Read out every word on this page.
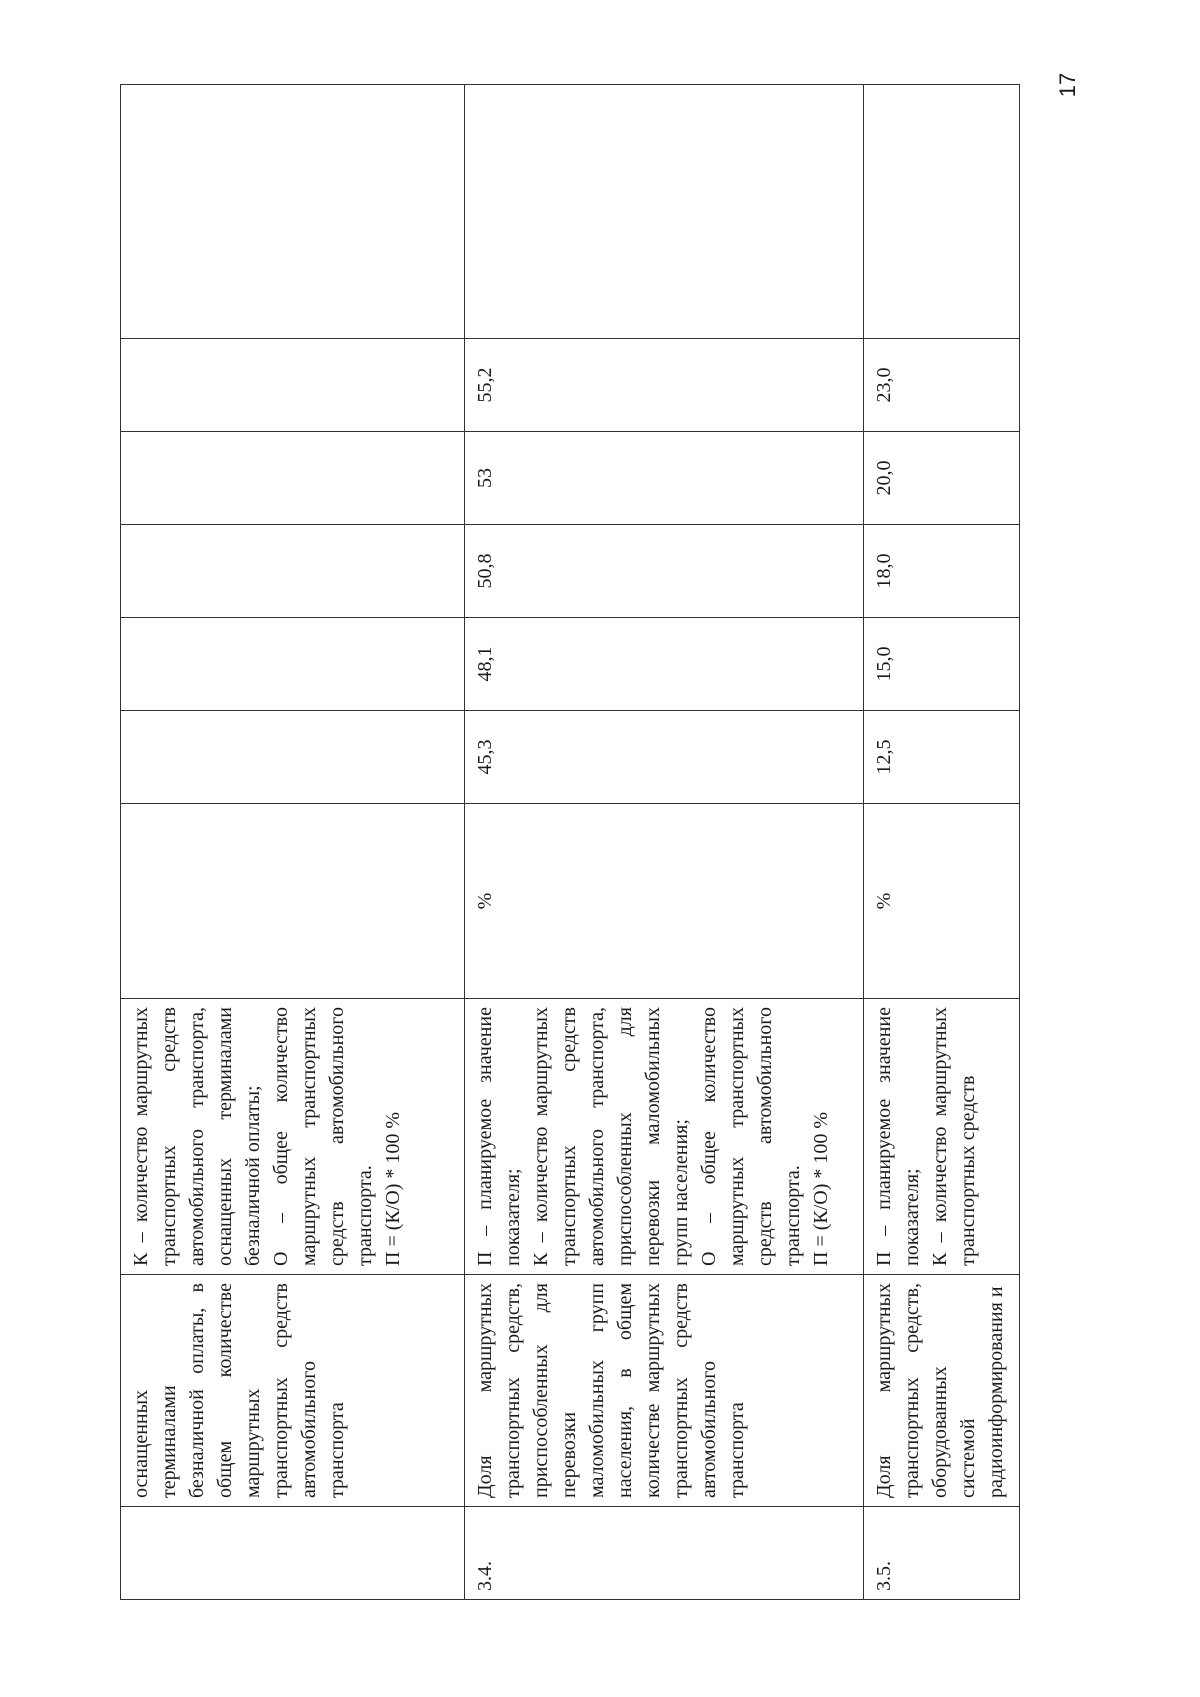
17
	оснащенных терминалами безналичной оплаты, в общем количестве маршрутных транспортных средств автомобильного транспорта	К – количество маршрутных транспортных средств автомобильного транспорта, оснащенных терминалами безналичной оплаты; О – общее количество маршрутных транспортных средств автомобильного транспорта. П = (К/О) * 100 %							

3.4.	Доля маршрутных транспортных средств, приспособленных для перевозки маломобильных групп населения, в общем количестве маршрутных транспортных средств автомобильного транспорта	П – планируемое значение показателя; К – количество маршрутных транспортных средств автомобильного транспорта, приспособленных для перевозки маломобильных групп населения; О – общее количество маршрутных транспортных средств автомобильного транспорта. П = (К/О) * 100 %	%	45,3	48,1	50,8	53	55,2	
3.5.	Доля маршрутных транспортных средств, оборудованных системой радиоинформирования и	П – планируемое значение показателя; К – количество маршрутных транспортных средств	%	12,5	15,0	18,0	20,0	23,0	
